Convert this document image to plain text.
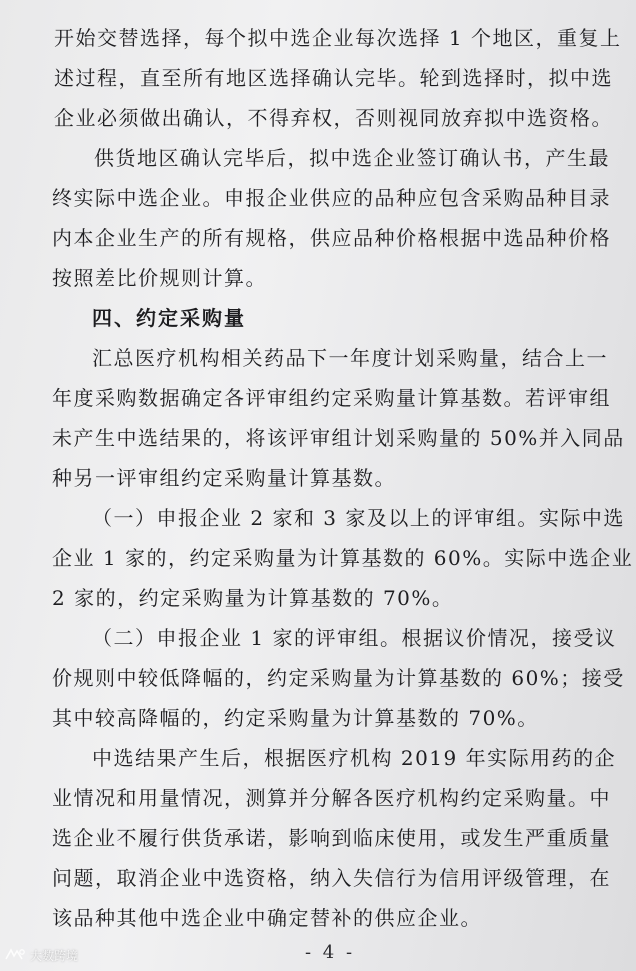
开始交替选择，每个拟中选企业每次选择 1 个地区，重复上
述过程，直至所有地区选择确认完毕。轮到选择时，拟中选
企业必须做出确认，不得弃权，否则视同放弃拟中选资格。
供货地区确认完毕后，拟中选企业签订确认书，产生最
终实际中选企业。申报企业供应的品种应包含采购品种目录
内本企业生产的所有规格，供应品种价格根据中选品种价格
按照差比价规则计算。
四、约定采购量
汇总医疗机构相关药品下一年度计划采购量，结合上一
年度采购数据确定各评审组约定采购量计算基数。若评审组
未产生中选结果的，将该评审组计划采购量的 50%并入同品
种另一评审组约定采购量计算基数。
（一）申报企业 2 家和 3 家及以上的评审组。实际中选
企业 1 家的，约定采购量为计算基数的 60%。实际中选企业
2 家的，约定采购量为计算基数的 70%。
（二）申报企业 1 家的评审组。根据议价情况，接受议
价规则中较低降幅的，约定采购量为计算基数的 60%；接受
其中较高降幅的，约定采购量为计算基数的 70%。
中选结果产生后，根据医疗机构 2019 年实际用药的企
业情况和用量情况，测算并分解各医疗机构约定采购量。中
选企业不履行供货承诺，影响到临床使用，或发生严重质量
问题，取消企业中选资格，纳入失信行为信用评级管理，在
该品种其他中选企业中确定替补的供应企业。
- 4 -
大数跨境
